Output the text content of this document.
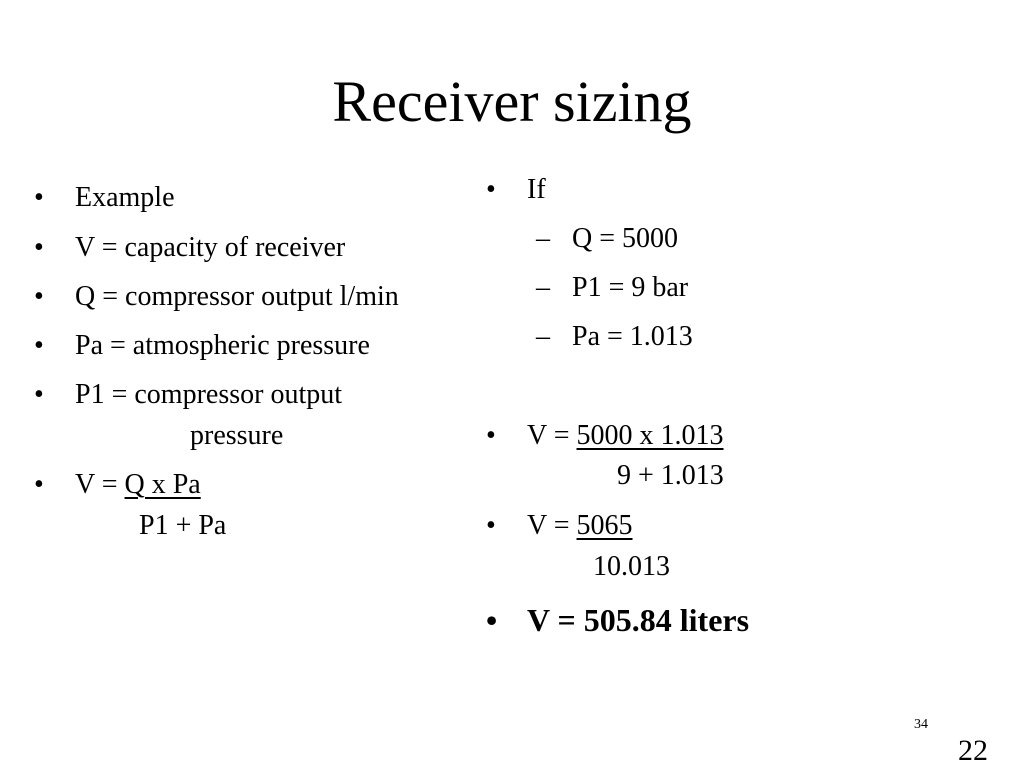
Receiver sizing
• Example
• V = capacity of receiver
• Q = compressor output l/min
• Pa = atmospheric pressure
• P1 = compressor output
pressure
• V = Q x Pa
P1 + Pa
• If
– Q = 5000
– P1 = 9 bar
– Pa = 1.013
• V = 5000 x 1.013
9 + 1.013
• V = 5065
10.013
• V = 505.84 liters
34
22
